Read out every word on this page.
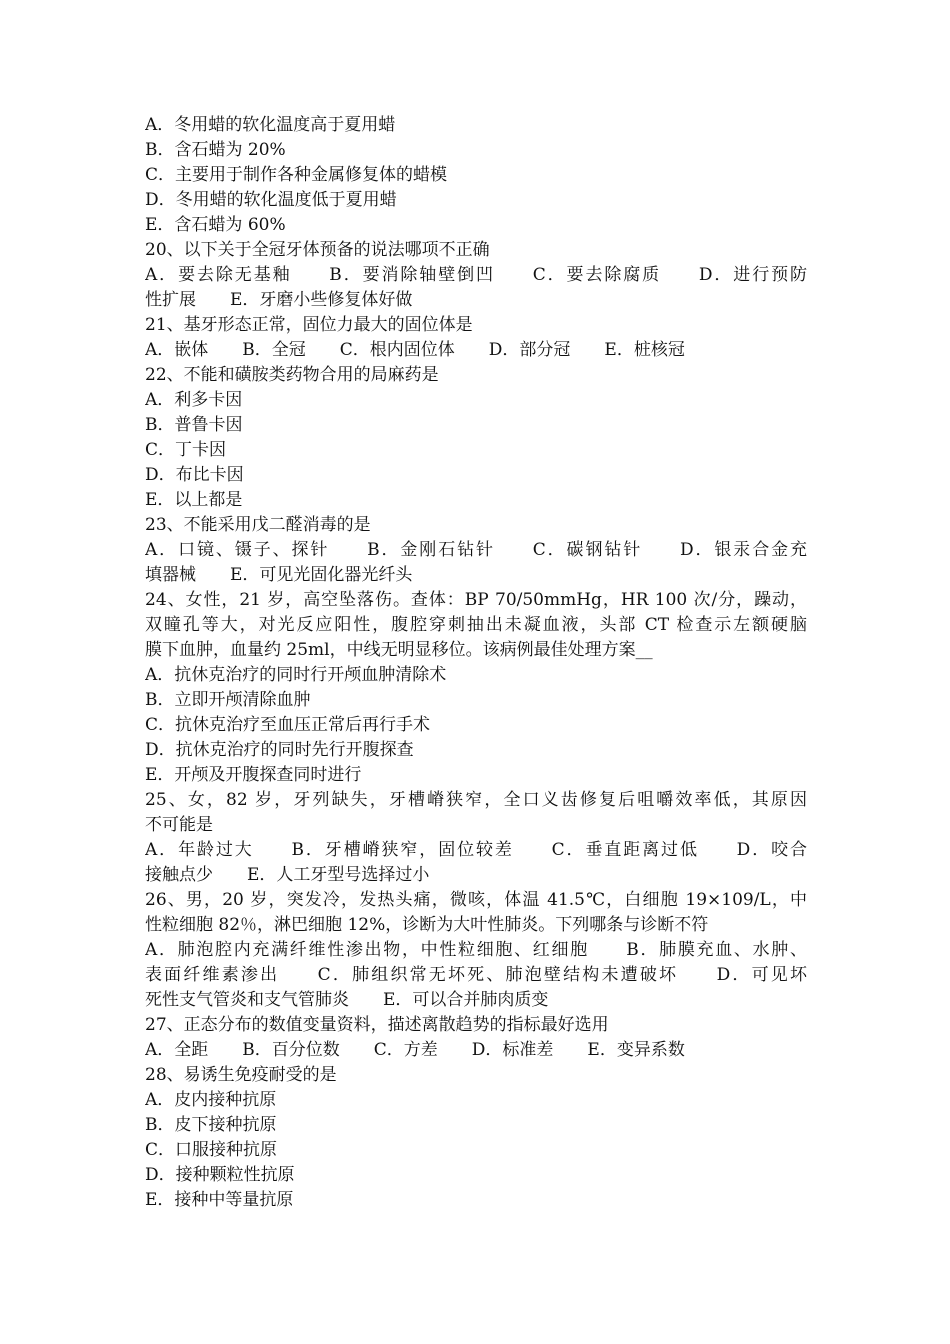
A．冬用蜡的软化温度高于夏用蜡
B．含石蜡为 20%
C．主要用于制作各种金属修复体的蜡模
D．冬用蜡的软化温度低于夏用蜡
E．含石蜡为 60%
20、以下关于全冠牙体预备的说法哪项不正确
A．要去除无基釉　　B．要消除轴壁倒凹　　C．要去除腐质　　D．进行预防
性扩展　　E．牙磨小些修复体好做
21、基牙形态正常，固位力最大的固位体是
A．嵌体　　B．全冠　　C．根内固位体　　D．部分冠　　E．桩核冠
22、不能和磺胺类药物合用的局麻药是
A．利多卡因
B．普鲁卡因
C．丁卡因
D．布比卡因
E．以上都是
23、不能采用戊二醛消毒的是
A．口镜、镊子、探针　　B．金刚石钻针　　C．碳钢钻针　　D．银汞合金充
填器械　　E．可见光固化器光纤头
24、女性，21 岁，高空坠落伤。查体：BP 70/50mmHg，HR 100 次/分，躁动，
双瞳孔等大，对光反应阳性，腹腔穿刺抽出未凝血液，头部 CT 检查示左额硬脑
膜下血肿，血量约 25ml，中线无明显移位。该病例最佳处理方案__
A．抗休克治疗的同时行开颅血肿清除术
B．立即开颅清除血肿
C．抗休克治疗至血压正常后再行手术
D．抗休克治疗的同时先行开腹探查
E．开颅及开腹探查同时进行
25、女，82 岁，牙列缺失，牙槽嵴狭窄，全口义齿修复后咀嚼效率低，其原因
不可能是
A．年龄过大　　B．牙槽嵴狭窄，固位较差　　C．垂直距离过低　　D．咬合
接触点少　　E．人工牙型号选择过小
26、男，20 岁，突发冷，发热头痛，微咳，体温 41.5℃，白细胞 19×109/L，中
性粒细胞 82％，淋巴细胞 12%，诊断为大叶性肺炎。下列哪条与诊断不符
A．肺泡腔内充满纤维性渗出物，中性粒细胞、红细胞　　B．肺膜充血、水肿、
表面纤维素渗出　　C．肺组织常无坏死、肺泡壁结构未遭破坏　　D．可见坏
死性支气管炎和支气管肺炎　　E．可以合并肺肉质变
27、正态分布的数值变量资料，描述离散趋势的指标最好选用
A．全距　　B．百分位数　　C．方差　　D．标准差　　E．变异系数
28、易诱生免疫耐受的是
A．皮内接种抗原
B．皮下接种抗原
C．口服接种抗原
D．接种颗粒性抗原
E．接种中等量抗原
